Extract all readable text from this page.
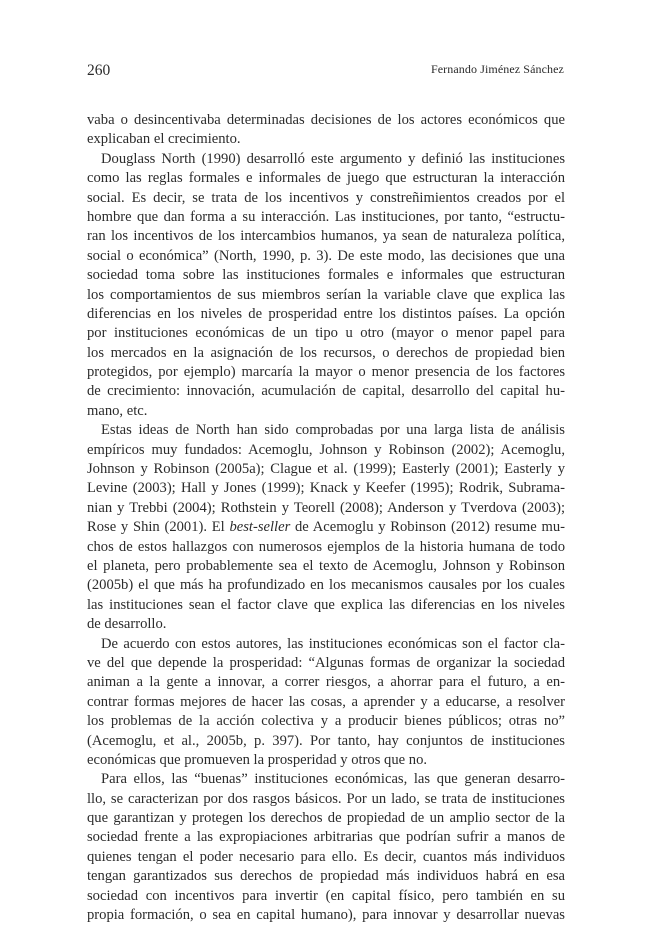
260	Fernando Jiménez Sánchez
vaba o desincentivaba determinadas decisiones de los actores económicos que
explicaban el crecimiento.
Douglass North (1990) desarrolló este argumento y definió las instituciones
como las reglas formales e informales de juego que estructuran la interacción
social. Es decir, se trata de los incentivos y constreñimientos creados por el
hombre que dan forma a su interacción. Las instituciones, por tanto, “estructu-
ran los incentivos de los intercambios humanos, ya sean de naturaleza política,
social o económica” (North, 1990, p. 3). De este modo, las decisiones que una
sociedad toma sobre las instituciones formales e informales que estructuran
los comportamientos de sus miembros serían la variable clave que explica las
diferencias en los niveles de prosperidad entre los distintos países. La opción
por instituciones económicas de un tipo u otro (mayor o menor papel para
los mercados en la asignación de los recursos, o derechos de propiedad bien
protegidos, por ejemplo) marcaría la mayor o menor presencia de los factores
de crecimiento: innovación, acumulación de capital, desarrollo del capital hu-
mano, etc.
Estas ideas de North han sido comprobadas por una larga lista de análisis
empíricos muy fundados: Acemoglu, Johnson y Robinson (2002); Acemoglu,
Johnson y Robinson (2005a); Clague et al. (1999); Easterly (2001); Easterly y
Levine (2003); Hall y Jones (1999); Knack y Keefer (1995); Rodrik, Subrama-
nian y Trebbi (2004); Rothstein y Teorell (2008); Anderson y Tverdova (2003);
Rose y Shin (2001). El best-seller de Acemoglu y Robinson (2012) resume mu-
chos de estos hallazgos con numerosos ejemplos de la historia humana de todo
el planeta, pero probablemente sea el texto de Acemoglu, Johnson y Robinson
(2005b) el que más ha profundizado en los mecanismos causales por los cuales
las instituciones sean el factor clave que explica las diferencias en los niveles
de desarrollo.
De acuerdo con estos autores, las instituciones económicas son el factor cla-
ve del que depende la prosperidad: “Algunas formas de organizar la sociedad
animan a la gente a innovar, a correr riesgos, a ahorrar para el futuro, a en-
contrar formas mejores de hacer las cosas, a aprender y a educarse, a resolver
los problemas de la acción colectiva y a producir bienes públicos; otras no”
(Acemoglu, et al., 2005b, p. 397). Por tanto, hay conjuntos de instituciones
económicas que promueven la prosperidad y otros que no.
Para ellos, las “buenas” instituciones económicas, las que generan desarro-
llo, se caracterizan por dos rasgos básicos. Por un lado, se trata de instituciones
que garantizan y protegen los derechos de propiedad de un amplio sector de la
sociedad frente a las expropiaciones arbitrarias que podrían sufrir a manos de
quienes tengan el poder necesario para ello. Es decir, cuantos más individuos
tengan garantizados sus derechos de propiedad más individuos habrá en esa
sociedad con incentivos para invertir (en capital físico, pero también en su
propia formación, o sea en capital humano), para innovar y desarrollar nuevas
